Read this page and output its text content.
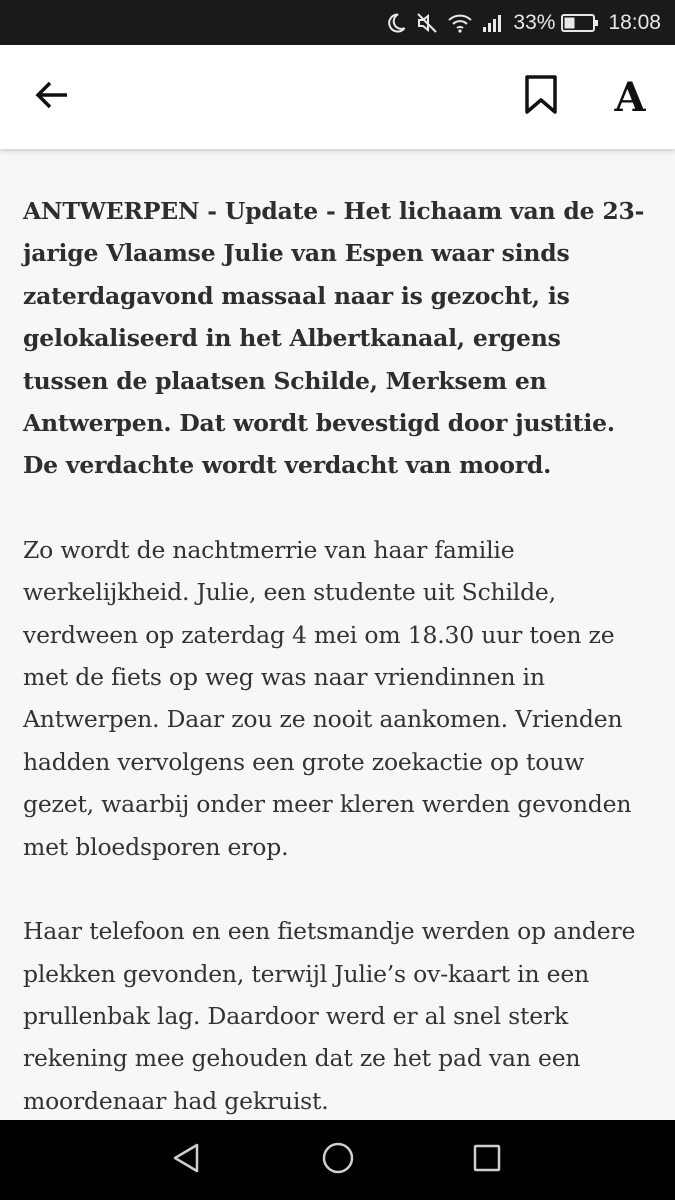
33%	18:08
A

ANTWERPEN - Update - Het lichaam van de 23-jarige Vlaamse Julie van Espen waar sinds zaterdagavond massaal naar is gezocht, is gelokaliseerd in het Albertkanaal, ergens tussen de plaatsen Schilde, Merksem en Antwerpen. Dat wordt bevestigd door justitie. De verdachte wordt verdacht van moord.

Zo wordt de nachtmerrie van haar familie werkelijkheid. Julie, een studente uit Schilde, verdween op zaterdag 4 mei om 18.30 uur toen ze met de fiets op weg was naar vriendinnen in Antwerpen. Daar zou ze nooit aankomen. Vrienden hadden vervolgens een grote zoekactie op touw gezet, waarbij onder meer kleren werden gevonden met bloedsporen erop.

Haar telefoon en een fietsmandje werden op andere plekken gevonden, terwijl Julie’s ov-kaart in een prullenbak lag. Daardoor werd er al snel sterk rekening mee gehouden dat ze het pad van een moordenaar had gekruist.
